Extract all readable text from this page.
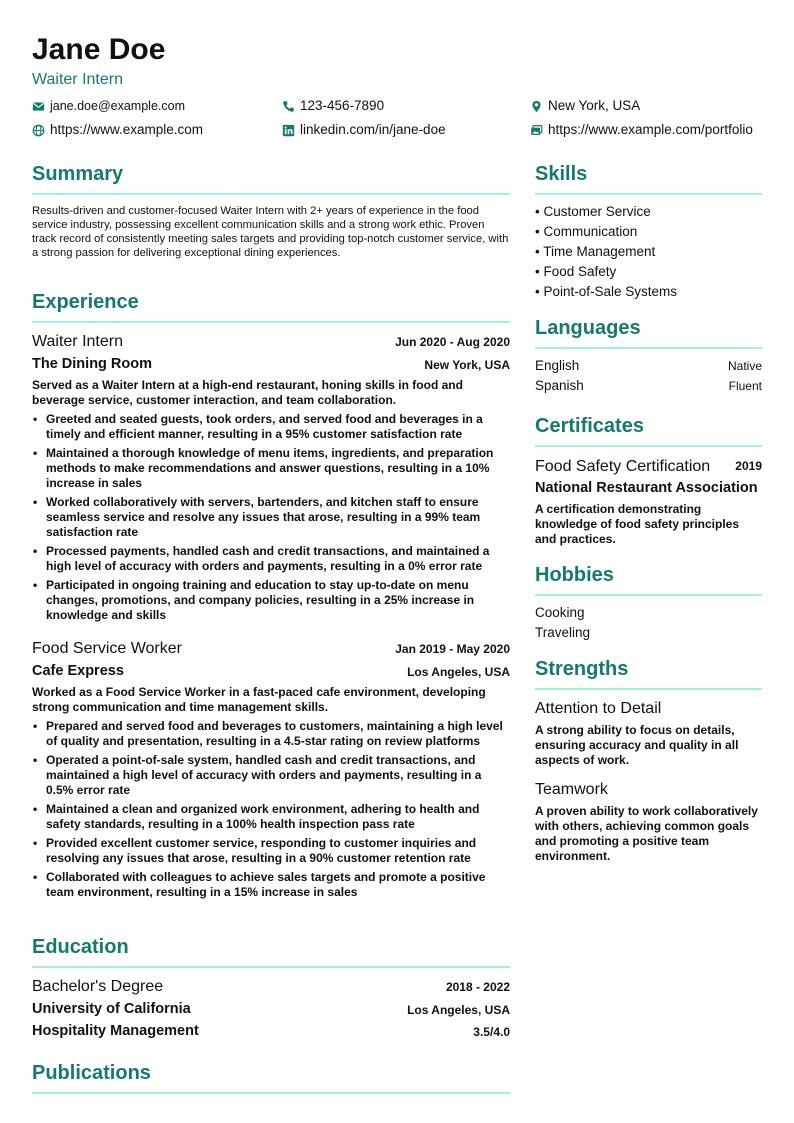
Jane Doe
Waiter Intern
jane.doe@example.com	123-456-7890	New York, USA
https://www.example.com	linkedin.com/in/jane-doe	https://www.example.com/portfolio
Summary

Results-driven and customer-focused Waiter Intern with 2+ years of experience in the food service industry, possessing excellent communication skills and a strong work ethic. Proven track record of consistently meeting sales targets and providing top-notch customer service, with a strong passion for delivering exceptional dining experiences.

Experience
Waiter Intern	Jun 2020 - Aug 2020
The Dining Room	New York, USA

Served as a Waiter Intern at a high-end restaurant, honing skills in food and beverage service, customer interaction, and team collaboration.

• Greeted and seated guests, took orders, and served food and beverages in a timely and efficient manner, resulting in a 95% customer satisfaction rate
• Maintained a thorough knowledge of menu items, ingredients, and preparation methods to make recommendations and answer questions, resulting in a 10% increase in sales
• Worked collaboratively with servers, bartenders, and kitchen staff to ensure seamless service and resolve any issues that arose, resulting in a 99% team satisfaction rate
• Processed payments, handled cash and credit transactions, and maintained a high level of accuracy with orders and payments, resulting in a 0% error rate
• Participated in ongoing training and education to stay up-to-date on menu changes, promotions, and company policies, resulting in a 25% increase in knowledge and skills
Food Service Worker	Jan 2019 - May 2020
Cafe Express	Los Angeles, USA

Worked as a Food Service Worker in a fast-paced cafe environment, developing strong communication and time management skills.

• Prepared and served food and beverages to customers, maintaining a high level of quality and presentation, resulting in a 4.5-star rating on review platforms
• Operated a point-of-sale system, handled cash and credit transactions, and maintained a high level of accuracy with orders and payments, resulting in a 0.5% error rate
• Maintained a clean and organized work environment, adhering to health and safety standards, resulting in a 100% health inspection pass rate
• Provided excellent customer service, responding to customer inquiries and resolving any issues that arose, resulting in a 90% customer retention rate
• Collaborated with colleagues to achieve sales targets and promote a positive team environment, resulting in a 15% increase in sales
Education
Bachelor's Degree	2018 - 2022
University of California	Los Angeles, USA
Hospitality Management	3.5/4.0
Publications
Skills
• Customer Service
• Communication
• Time Management
• Food Safety
• Point-of-Sale Systems
Languages
English	Native
Spanish	Fluent
Certificates
Food Safety Certification 2019
National Restaurant Association

A certification demonstrating knowledge of food safety principles and practices.

Hobbies
Cooking
Traveling
Strengths
Attention to Detail

A strong ability to focus on details, ensuring accuracy and quality in all aspects of work.

Teamwork

A proven ability to work collaboratively with others, achieving common goals and promoting a positive team environment.
